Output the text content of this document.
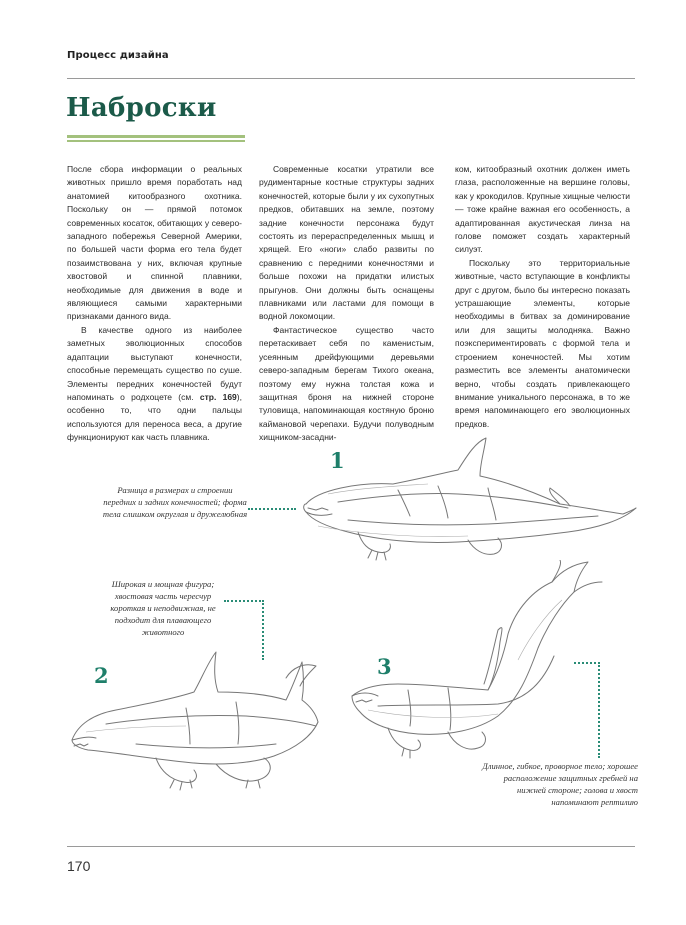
Процесс дизайна
Наброски

После сбора информации о реальных животных пришло время поработать над анатомией китообразного охотника. Поскольку он — прямой потомок современных косаток, обитающих у северо-западного побережья Северной Америки, по большей части форма его тела будет позаимствована у них, включая крупные хвостовой и спинной плавники, необходимые для движения в воде и являющиеся самыми характерными признаками данного вида.

В качестве одного из наиболее заметных эволюционных способов адаптации выступают конечности, способные перемещать существо по суше. Элементы передних конечностей будут напоминать о родхоцете (см. стр. 169), особенно то, что одни пальцы используются для переноса веса, а другие функционируют как часть плавника.

Современные косатки утратили все рудиментарные костные структуры задних конечностей, которые были у их сухопутных предков, обитавших на земле, поэтому задние конечности персонажа будут состоять из перераспределенных мышц и хрящей. Его «ноги» слабо развиты по сравнению с передними конечностями и больше похожи на придатки илистых прыгунов. Они должны быть оснащены плавниками или ластами для помощи в водной локомоции.

Фантастическое существо часто перетаскивает себя по каменистым, усеянным дрейфующими деревьями северо-западным берегам Тихого океана, поэтому ему нужна толстая кожа и защитная броня на нижней стороне туловища, напоминающая костяную броню каймановой черепахи. Будучи полуводным хищником-засадни-

ком, китообразный охотник должен иметь глаза, расположенные на вершине головы, как у крокодилов. Крупные хищные челюсти — тоже крайне важная его особенность, а адаптированная акустическая линза на голове поможет создать характерный силуэт.

Поскольку это территориальные животные, часто вступающие в конфликты друг с другом, было бы интересно показать устрашающие элементы, которые необходимы в битвах за доминирование или для защиты молодняка. Важно поэкспериментировать с формой тела и строением конечностей. Мы хотим разместить все элементы анатомически верно, чтобы создать привлекающего внимание уникального персонажа, в то же время напоминающего его эволюционных предков.

1
Разница в размерах и строении передних и задних конечностей; форма тела слишком округлая и дружелюбная
2
Широкая и мощная фигура; хвостовая часть чересчур короткая и неподвижная, не подходит для плавающего животного
3
Длинное, гибкое, проворное тело; хорошее расположение защитных гребней на нижней стороне; голова и хвост напоминают рептилию
170
